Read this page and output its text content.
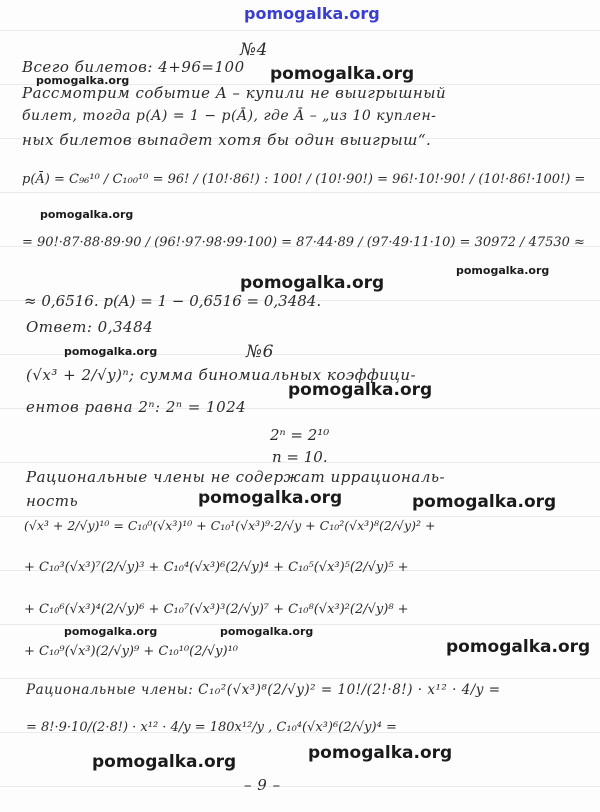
pomogalka.org
№4
Всего билетов: 4+96=100
Рассмотрим событие A – купили не выигрышный
билет, тогда p(A) = 1 − p(Ā), где Ā – „из 10 куплен-
ных билетов выпадет хотя бы один выигрыш“.
p(Ā) = C₉₆¹⁰ / C₁₀₀¹⁰ = 96! / (10!·86!) : 100! / (10!·90!) = 96!·10!·90! / (10!·86!·100!) =
= 90!·87·88·89·90 / (96!·97·98·99·100) = 87·44·89 / (97·49·11·10) = 30972 / 47530 ≈
≈ 0,6516. p(A) = 1 − 0,6516 = 0,3484.
Ответ: 0,3484
№6
(√x³ + 2/√y)ⁿ; сумма биномиальных коэффици-
ентов равна 2ⁿ: 2ⁿ = 1024
2ⁿ = 2¹⁰
n = 10.
Рациональные члены не содержат иррациональ-
ность
(√x³ + 2/√y)¹⁰ = C₁₀⁰(√x³)¹⁰ + C₁₀¹(√x³)⁹·2/√y + C₁₀²(√x³)⁸(2/√y)² +
+ C₁₀³(√x³)⁷(2/√y)³ + C₁₀⁴(√x³)⁶(2/√y)⁴ + C₁₀⁵(√x³)⁵(2/√y)⁵ +
+ C₁₀⁶(√x³)⁴(2/√y)⁶ + C₁₀⁷(√x³)³(2/√y)⁷ + C₁₀⁸(√x³)²(2/√y)⁸ +
+ C₁₀⁹(√x³)(2/√y)⁹ + C₁₀¹⁰(2/√y)¹⁰
Рациональные члены: C₁₀²(√x³)⁸(2/√y)² = 10!/(2!·8!) · x¹² · 4/y =
= 8!·9·10/(2·8!) · x¹² · 4/y = 180x¹²/y , C₁₀⁴(√x³)⁶(2/√y)⁴ =
– 9 –
pomogalka.org
pomogalka.org
pomogalka.org
pomogalka.org
pomogalka.org
pomogalka.org
pomogalka.org
pomogalka.org	pomogalka.org
pomogalka.org	pomogalka.org
pomogalka.org
pomogalka.org
pomogalka.org
